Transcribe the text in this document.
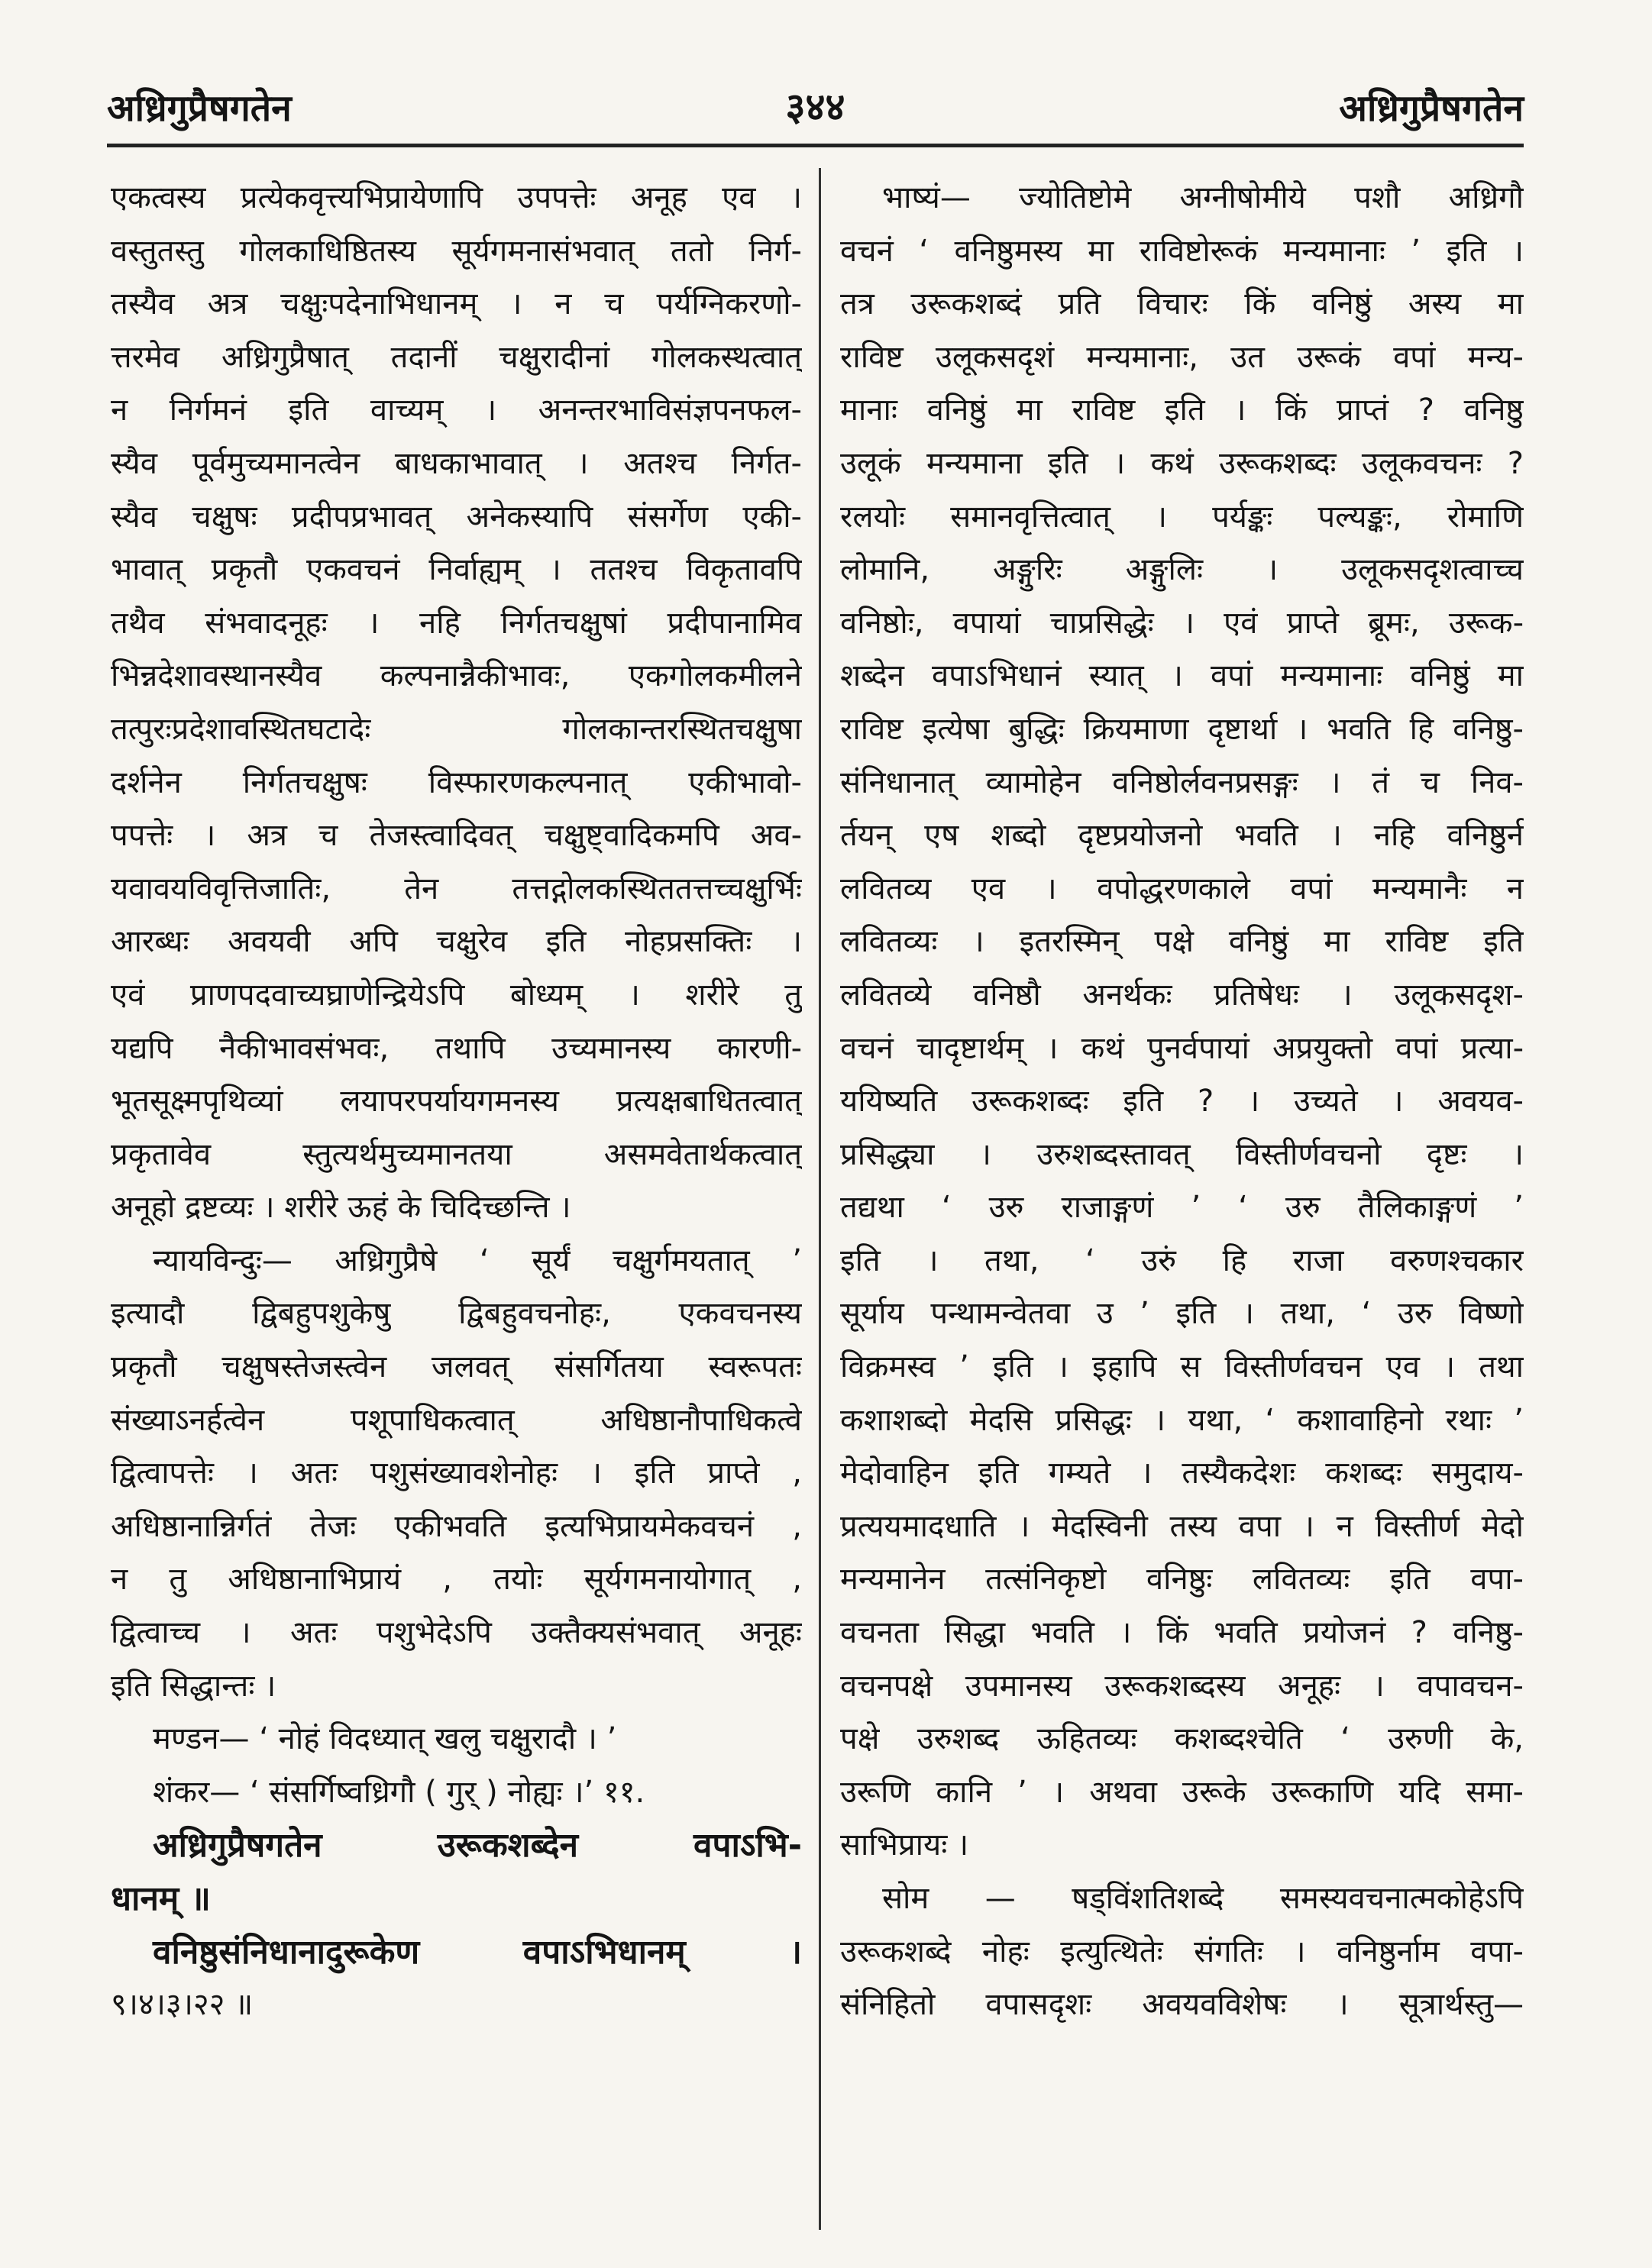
अध्रिगुप्रैषगतेन	३४४	अध्रिगुप्रैषगतेन

एकत्वस्य प्रत्येकवृत्त्यभिप्रायेणापि उपपत्तेः अनूह एव ।

वस्तुतस्तु गोलकाधिष्ठितस्य सूर्यगमनासंभवात् ततो निर्ग-

तस्यैव अत्र चक्षुःपदेनाभिधानम् । न च पर्यग्निकरणो-

त्तरमेव अध्रिगुप्रैषात् तदानीं चक्षुरादीनां गोलकस्थत्वात्

न निर्गमनं इति वाच्यम् । अनन्तरभाविसंज्ञपनफल-

स्यैव पूर्वमुच्यमानत्वेन बाधकाभावात् । अतश्च निर्गत-

स्यैव चक्षुषः प्रदीपप्रभावत् अनेकस्यापि संसर्गेण एकी-

भावात् प्रकृतौ एकवचनं निर्वाह्यम् । ततश्च विकृतावपि

तथैव संभवादनूहः । नहि निर्गतचक्षुषां प्रदीपानामिव

भिन्नदेशावस्थानस्यैव कल्पनान्नैकीभावः, एकगोलकमीलने

तत्पुरःप्रदेशावस्थितघटादेः गोलकान्तरस्थितचक्षुषा

दर्शनेन निर्गतचक्षुषः विस्फारणकल्पनात् एकीभावो-

पपत्तेः । अत्र च तेजस्त्वादिवत् चक्षुष्ट्वादिकमपि अव-

यवावयविवृत्तिजातिः, तेन तत्तद्गोलकस्थिततत्तच्चक्षुर्भिः

आरब्धः अवयवी अपि चक्षुरेव इति नोहप्रसक्तिः ।

एवं प्राणपदवाच्यघ्राणेन्द्रियेऽपि बोध्यम् । शरीरे तु

यद्यपि नैकीभावसंभवः, तथापि उच्यमानस्य कारणी-

भूतसूक्ष्मपृथिव्यां लयापरपर्यायगमनस्य प्रत्यक्षबाधितत्वात्

प्रकृतावेव स्तुत्यर्थमुच्यमानतया असमवेतार्थकत्वात्

अनूहो द्रष्टव्यः । शरीरे ऊहं के चिदिच्छन्ति ।

न्यायविन्दुः— अध्रिगुप्रैषे ‘ सूर्यं चक्षुर्गमयतात् ’

इत्यादौ द्विबहुपशुकेषु द्विबहुवचनोहः, एकवचनस्य

प्रकृतौ चक्षुषस्तेजस्त्वेन जलवत् संसर्गितया स्वरूपतः

संख्याऽनर्हत्वेन पशूपाधिकत्वात् अधिष्ठानौपाधिकत्वे

द्वित्वापत्तेः । अतः पशुसंख्यावशेनोहः । इति प्राप्ते ,

अधिष्ठानान्निर्गतं तेजः एकीभवति इत्यभिप्रायमेकवचनं ,

न तु अधिष्ठानाभिप्रायं , तयोः सूर्यगमनायोगात् ,

द्वित्वाच्च । अतः पशुभेदेऽपि उक्तैक्यसंभवात् अनूहः

इति सिद्धान्तः ।

मण्डन— ‘ नोहं विदध्यात् खलु चक्षुरादौ । ’

शंकर— ‘ संसर्गिष्वध्रिगौ ( गुर् ) नोह्यः ।’ ११.

अध्रिगुप्रैषगतेन उरूकशब्देन वपाऽभि-

धानम् ॥

वनिष्ठुसंनिधानादुरूकेण वपाऽभिधानम् ।

९।४।३।२२ ॥

भाष्यं— ज्योतिष्टोमे अग्नीषोमीये पशौ अध्रिगौ

वचनं ‘ वनिष्ठुमस्य मा राविष्टोरूकं मन्यमानाः ’ इति ।

तत्र उरूकशब्दं प्रति विचारः किं वनिष्ठुं अस्य मा

राविष्ट उलूकसदृशं मन्यमानाः, उत उरूकं वपां मन्य-

मानाः वनिष्ठुं मा राविष्ट इति । किं प्राप्तं ? वनिष्ठु

उलूकं मन्यमाना इति । कथं उरूकशब्दः उलूकवचनः ?

रलयोः समानवृत्तित्वात् । पर्यङ्कः पल्यङ्कः, रोमाणि

लोमानि, अङ्गुरिः अङ्गुलिः । उलूकसदृशत्वाच्च

वनिष्ठोः, वपायां चाप्रसिद्धेः । एवं प्राप्ते ब्रूमः, उरूक-

शब्देन वपाऽभिधानं स्यात् । वपां मन्यमानाः वनिष्ठुं मा

राविष्ट इत्येषा बुद्धिः क्रियमाणा दृष्टार्था । भवति हि वनिष्ठु-

संनिधानात् व्यामोहेन वनिष्ठोर्लवनप्रसङ्गः । तं च निव-

र्तयन् एष शब्दो दृष्टप्रयोजनो भवति । नहि वनिष्ठुर्न

लवितव्य एव । वपोद्धरणकाले वपां मन्यमानैः न

लवितव्यः । इतरस्मिन् पक्षे वनिष्ठुं मा राविष्ट इति

लवितव्ये वनिष्ठौ अनर्थकः प्रतिषेधः । उलूकसदृश-

वचनं चादृष्टार्थम् । कथं पुनर्वपायां अप्रयुक्तो वपां प्रत्या-

ययिष्यति उरूकशब्दः इति ? । उच्यते । अवयव-

प्रसिद्ध्या । उरुशब्दस्तावत् विस्तीर्णवचनो दृष्टः ।

तद्यथा ‘ उरु राजाङ्गणं ’ ‘ उरु तैलिकाङ्गणं ’

इति । तथा, ‘ उरुं हि राजा वरुणश्चकार

सूर्याय पन्थामन्वेतवा उ ’ इति । तथा, ‘ उरु विष्णो

विक्रमस्व ’ इति । इहापि स विस्तीर्णवचन एव । तथा

कशाशब्दो मेदसि प्रसिद्धः । यथा, ‘ कशावाहिनो रथाः ’

मेदोवाहिन इति गम्यते । तस्यैकदेशः कशब्दः समुदाय-

प्रत्ययमादधाति । मेदस्विनी तस्य वपा । न विस्तीर्ण मेदो

मन्यमानेन तत्संनिकृष्टो वनिष्ठुः लवितव्यः इति वपा-

वचनता सिद्धा भवति । किं भवति प्रयोजनं ? वनिष्ठु-

वचनपक्षे उपमानस्य उरूकशब्दस्य अनूहः । वपावचन-

पक्षे उरुशब्द ऊहितव्यः कशब्दश्चेति ‘ उरुणी के,

उरूणि कानि ’ । अथवा उरूके उरूकाणि यदि समा-

साभिप्रायः ।

सोम — षड्विंशतिशब्दे समस्यवचनात्मकोहेऽपि

उरूकशब्दे नोहः इत्युत्थितेः संगतिः । वनिष्ठुर्नाम वपा-

संनिहितो वपासदृशः अवयवविशेषः । सूत्रार्थस्तु—
